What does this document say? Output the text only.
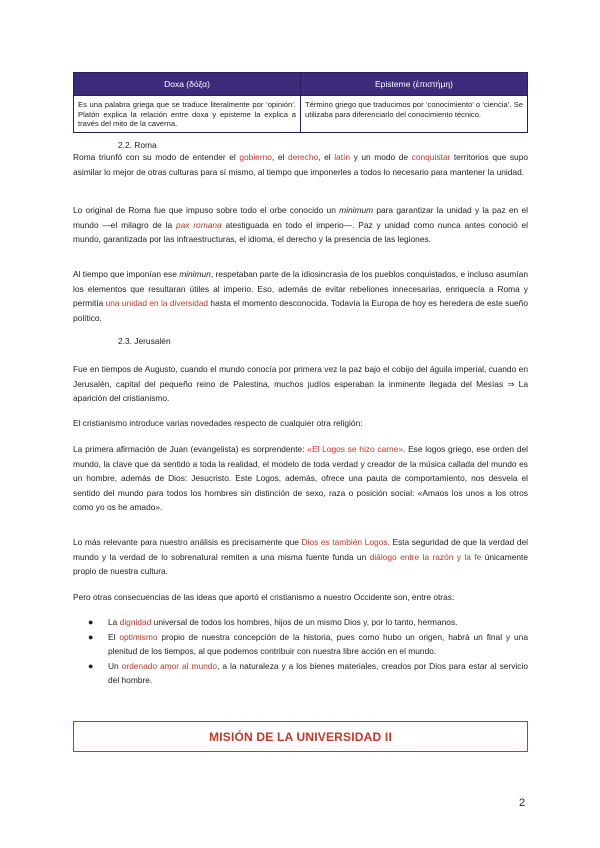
Doxa (δόξα)	Episteme (ἐπιστήμη)
Es una palabra griega que se traduce literalmente por ‘opinión’. Platón explica la relación entre doxa y episteme la explica a través del mito de la caverna.	Término griego que traducimos por ‘conocimiento’ o ‘ciencia’. Se utilizaba para diferenciarlo del conocimiento técnico.
2.2. Roma

Roma triunfó con su modo de entender el gobierno, el derecho, el latín y un modo de conquistar territorios que supo asimilar lo mejor de otras culturas para sí mismo, al tiempo que imponerles a todos lo necesario para mantener la unidad.

Lo original de Roma fue que impuso sobre todo el orbe conocido un minimum para garantizar la unidad y la paz en el mundo —el milagro de la pax romana atestiguada en todo el imperio—. Paz y unidad como nunca antes conoció el mundo, garantizada por las infraestructuras, el idioma, el derecho y la presencia de las legiones.

Al tiempo que imponían ese minimun, respetaban parte de la idiosincrasia de los pueblos conquistados, e incluso asumían los elementos que resultaran útiles al imperio. Eso, además de evitar rebeliones innecesarias, enriquecía a Roma y permitía una unidad en la diversidad hasta el momento desconocida. Todavía la Europa de hoy es heredera de este sueño político.

2.3. Jerusalén
Fue en tiempos de Augusto, cuando el mundo conocía por primera vez la paz bajo el cobijo del águila imperial, cuando en Jerusalén, capital del pequeño reino de Palestina, muchos judíos esperaban la inminente llegada del Mesías ⇒ La aparición del cristianismo.
El cristianismo introduce varias novedades respecto de cualquier otra religión:

La primera afirmación de Juan (evangelista) es sorprendente: «El Logos se hizo carne». Ese logos griego, ese orden del mundo, la clave que da sentido a toda la realidad, el modelo de toda verdad y creador de la música callada del mundo es un hombre, además de Dios: Jesucristo. Este Logos, además, ofrece una pauta de comportamiento, nos desvela el sentido del mundo para todos los hombres sin distinción de sexo, raza o posición social: «Amaos los unos a los otros como yo os he amado».

Lo más relevante para nuestro análisis es precisamente que Dios es también Logos. Esta seguridad de que la verdad del mundo y la verdad de lo sobrenatural remiten a una misma fuente funda un diálogo entre la razón y la fe únicamente propio de nuestra cultura.

Pero otras consecuencias de las ideas que aportó el cristianismo a nuestro Occidente son, entre otras:
● La dignidad universal de todos los hombres, hijos de un mismo Dios y, por lo tanto, hermanos.
● El optimismo propio de nuestra concepción de la historia, pues como hubo un origen, habrá un final y una plenitud de los tiempos, al que podemos contribuir con nuestra libre acción en el mundo.
● Un ordenado amor al mundo, a la naturaleza y a los bienes materiales, creados por Dios para estar al servicio del hombre.
MISIÓN DE LA UNIVERSIDAD II
2
